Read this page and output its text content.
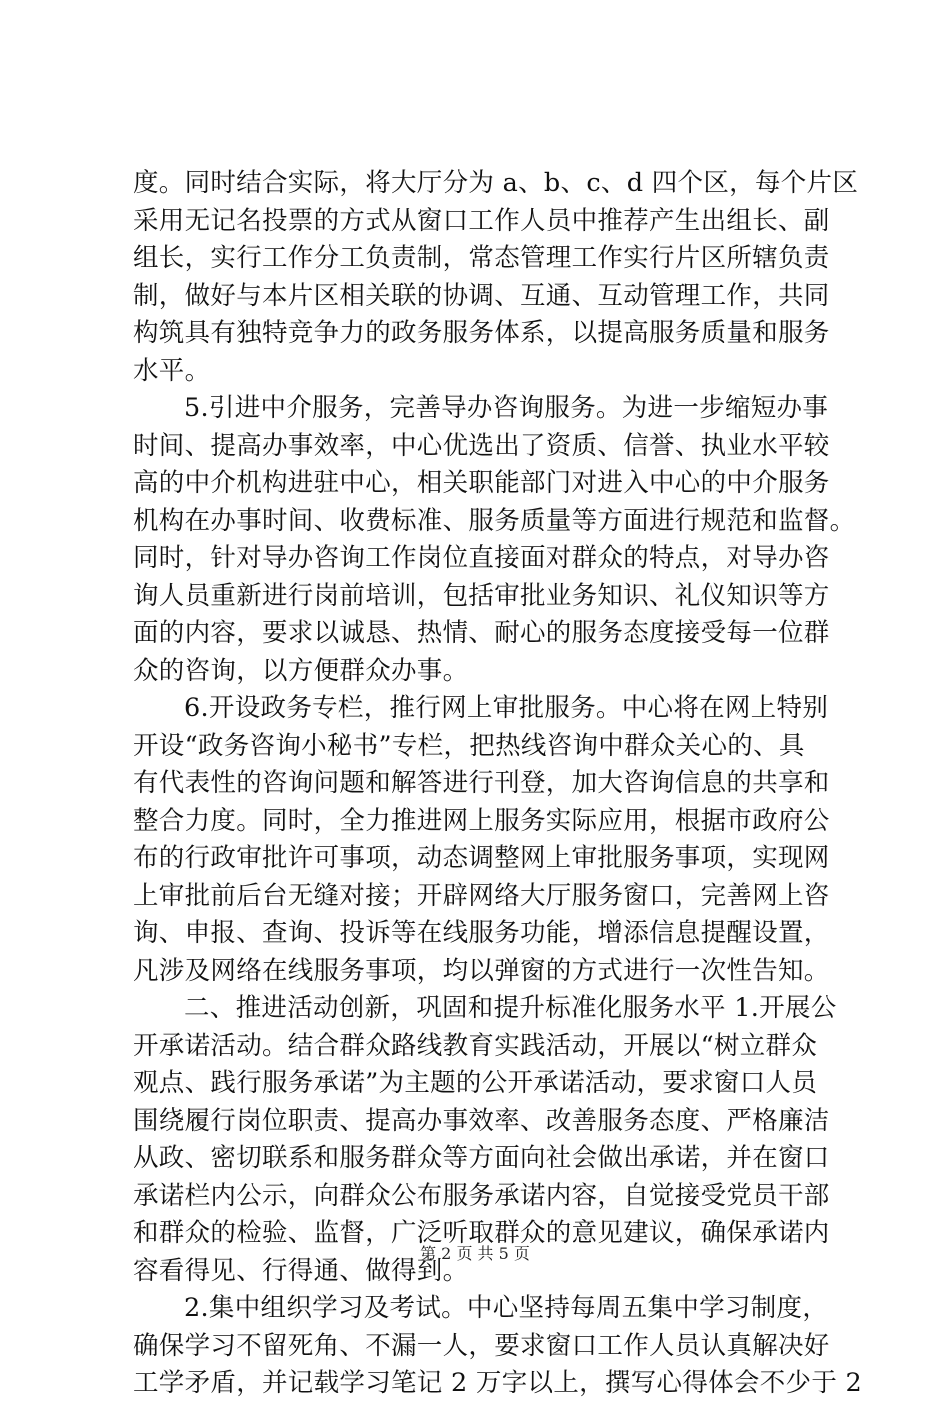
度。同时结合实际，将大厅分为 a、b、c、d 四个区，每个片区
采用无记名投票的方式从窗口工作人员中推荐产生出组长、副
组长，实行工作分工负责制，常态管理工作实行片区所辖负责
制，做好与本片区相关联的协调、互通、互动管理工作，共同
构筑具有独特竞争力的政务服务体系，以提高服务质量和服务
水平。
5.引进中介服务，完善导办咨询服务。为进一步缩短办事
时间、提高办事效率，中心优选出了资质、信誉、执业水平较
高的中介机构进驻中心，相关职能部门对进入中心的中介服务
机构在办事时间、收费标准、服务质量等方面进行规范和监督。
同时，针对导办咨询工作岗位直接面对群众的特点，对导办咨
询人员重新进行岗前培训，包括审批业务知识、礼仪知识等方
面的内容，要求以诚恳、热情、耐心的服务态度接受每一位群
众的咨询，以方便群众办事。
6.开设政务专栏，推行网上审批服务。中心将在网上特别
开设“政务咨询小秘书”专栏，把热线咨询中群众关心的、具
有代表性的咨询问题和解答进行刊登，加大咨询信息的共享和
整合力度。同时，全力推进网上服务实际应用，根据市政府公
布的行政审批许可事项，动态调整网上审批服务事项，实现网
上审批前后台无缝对接；开辟网络大厅服务窗口，完善网上咨
询、申报、查询、投诉等在线服务功能，增添信息提醒设置，
凡涉及网络在线服务事项，均以弹窗的方式进行一次性告知。
二、推进活动创新，巩固和提升标准化服务水平 1.开展公
开承诺活动。结合群众路线教育实践活动，开展以“树立群众
观点、践行服务承诺”为主题的公开承诺活动，要求窗口人员
围绕履行岗位职责、提高办事效率、改善服务态度、严格廉洁
从政、密切联系和服务群众等方面向社会做出承诺，并在窗口
承诺栏内公示，向群众公布服务承诺内容，自觉接受党员干部
和群众的检验、监督，广泛听取群众的意见建议，确保承诺内
容看得见、行得通、做得到。
2.集中组织学习及考试。中心坚持每周五集中学习制度，
确保学习不留死角、不漏一人，要求窗口工作人员认真解决好
工学矛盾，并记载学习笔记 2 万字以上，撰写心得体会不少于 2
第 2 页 共 5 页
